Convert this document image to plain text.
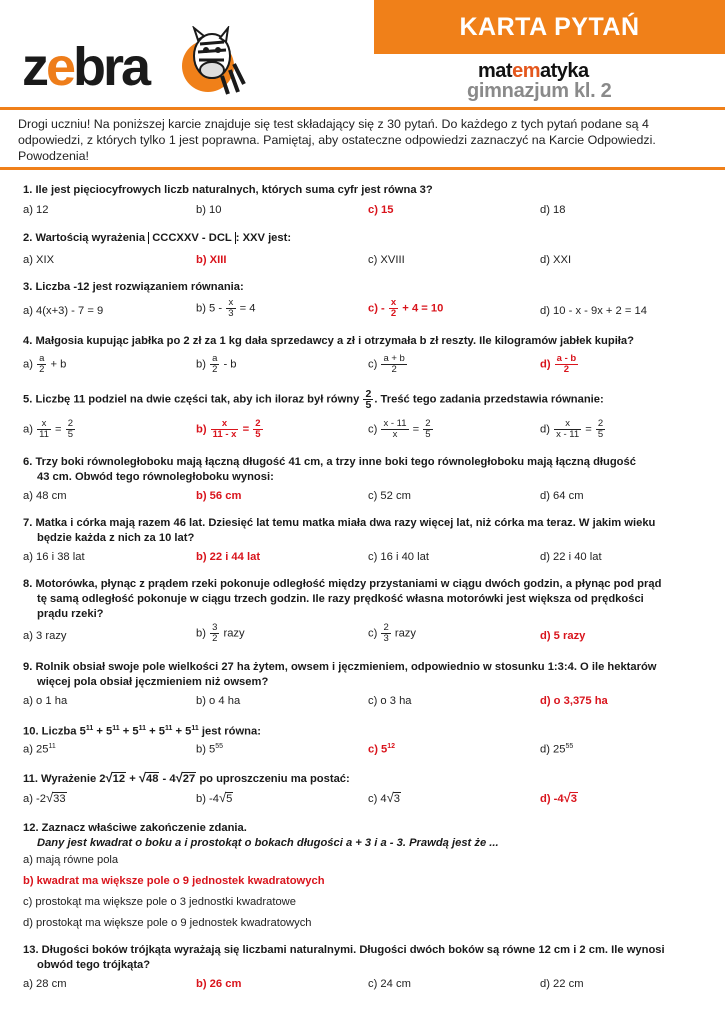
KARTA PYTAŃ
zebra	matematyka
gimnazjum kl. 2
Drogi uczniu! Na poniższej karcie znajduje się test składający się z 30 pytań. Do każdego z tych pytań podane są 4 odpowiedzi, z których tylko 1 jest poprawna. Pamiętaj, aby ostateczne odpowiedzi zaznaczyć na Karcie Odpowiedzi. Powodzenia!
1. Ile jest pięciocyfrowych liczb naturalnych, których suma cyfr jest równa 3?
a) 12	b) 10	c) 15	d) 18
2. Wartością wyrażenia CCCXXV - DCL : XXV jest:
a) XIX	b) XIII	c) XVIII	d) XXI
3. Liczba -12 jest rozwiązaniem równania:
a) 4(x+3) - 7 = 9	b) $5 - \frac{x}{3} = 4$	$c) - \frac{x}{2} + 4 = 10$	d) 10 - x - 9x + 2 = 14
4. Małgosia kupując jabłka po 2 zł za 1 kg dała sprzedawcy a zł i otrzymała b zł reszty. Ile kilogramów jabłek kupiła?
$a) \frac{a}{2} + b$	$b) \frac{a}{2}$ - b	$c) \frac{a + b}{2}$	$d) \frac{a - b}{2}$
5. Liczbę 11 podziel na dwie części tak, aby ich iloraz był równy $\frac{2}{5}$ . Treść tego zadania przedstawia równanie:
$a) \frac{x}{11} = \frac{2}{5}$	$b) \frac{x}{11 - x} = \frac{2}{5}$	$c) \frac{x - 11}{x} = \frac{2}{5}$	$d) \frac{x}{x - 11} = \frac{2}{5}$
6. Trzy boki równoległoboku mają łączną długość 41 cm, a trzy inne boki tego równoległoboku mają łączną długość
43 cm. Obwód tego równoległoboku wynosi:
a) 48 cm	b) 56 cm	c) 52 cm	d) 64 cm
7. Matka i córka mają razem 46 lat. Dziesięć lat temu matka miała dwa razy więcej lat, niż córka ma teraz. W jakim wieku
będzie każda z nich za 10 lat?
a) 16 i 38 lat	b) 22 i 44 lat	c) 16 i 40 lat	d) 22 i 40 lat
8. Motorówka, płynąc z prądem rzeki pokonuje odległość między przystaniami w ciągu dwóch godzin, a płynąc pod prąd
tę samą odległość pokonuje w ciągu trzech godzin. Ile razy prędkość własna motorówki jest większa od prędkości
prądu rzeki?
a) 3 razy	$b) \frac{3}{2}$ razy	$c) \frac{2}{3}$ razy	d) 5 razy
9. Rolnik obsiał swoje pole wielkości 27 ha żytem, owsem i jęczmieniem, odpowiednio w stosunku 1:3:4. O ile hektarów
więcej pola obsiał jęczmieniem niż owsem?
a) o 1 ha	b) o 4 ha	c) o 3 ha	d) o 3,375 ha
10. Liczba $5^{11} + 5^{11} + 5^{11} + 5^{11} + 5^{11}$ jest równa:
a) $25^{11}$	b) $5^{55}$	c) $5^{12}$	d) $25^{55}$
11. Wyrażenie 2√12 + √48 - 4√27 po uproszczeniu ma postać:
a) -2√33	b) -4√5	c) 4√3	d) -4√3
12. Zaznacz właściwe zakończenie zdania.
Dany jest kwadrat o boku a i prostokąt o bokach długości a + 3 i a - 3. Prawdą jest że ...
a) mają równe pola
b) kwadrat ma większe pole o 9 jednostek kwadratowych
c) prostokąt ma większe pole o 3 jednostki kwadratowe
d) prostokąt ma większe pole o 9 jednostek kwadratowych
13. Długości boków trójkąta wyrażają się liczbami naturalnymi. Długości dwóch boków są równe 12 cm i 2 cm. Ile wynosi
obwód tego trójkąta?
a) 28 cm	b) 26 cm	c) 24 cm	d) 22 cm
